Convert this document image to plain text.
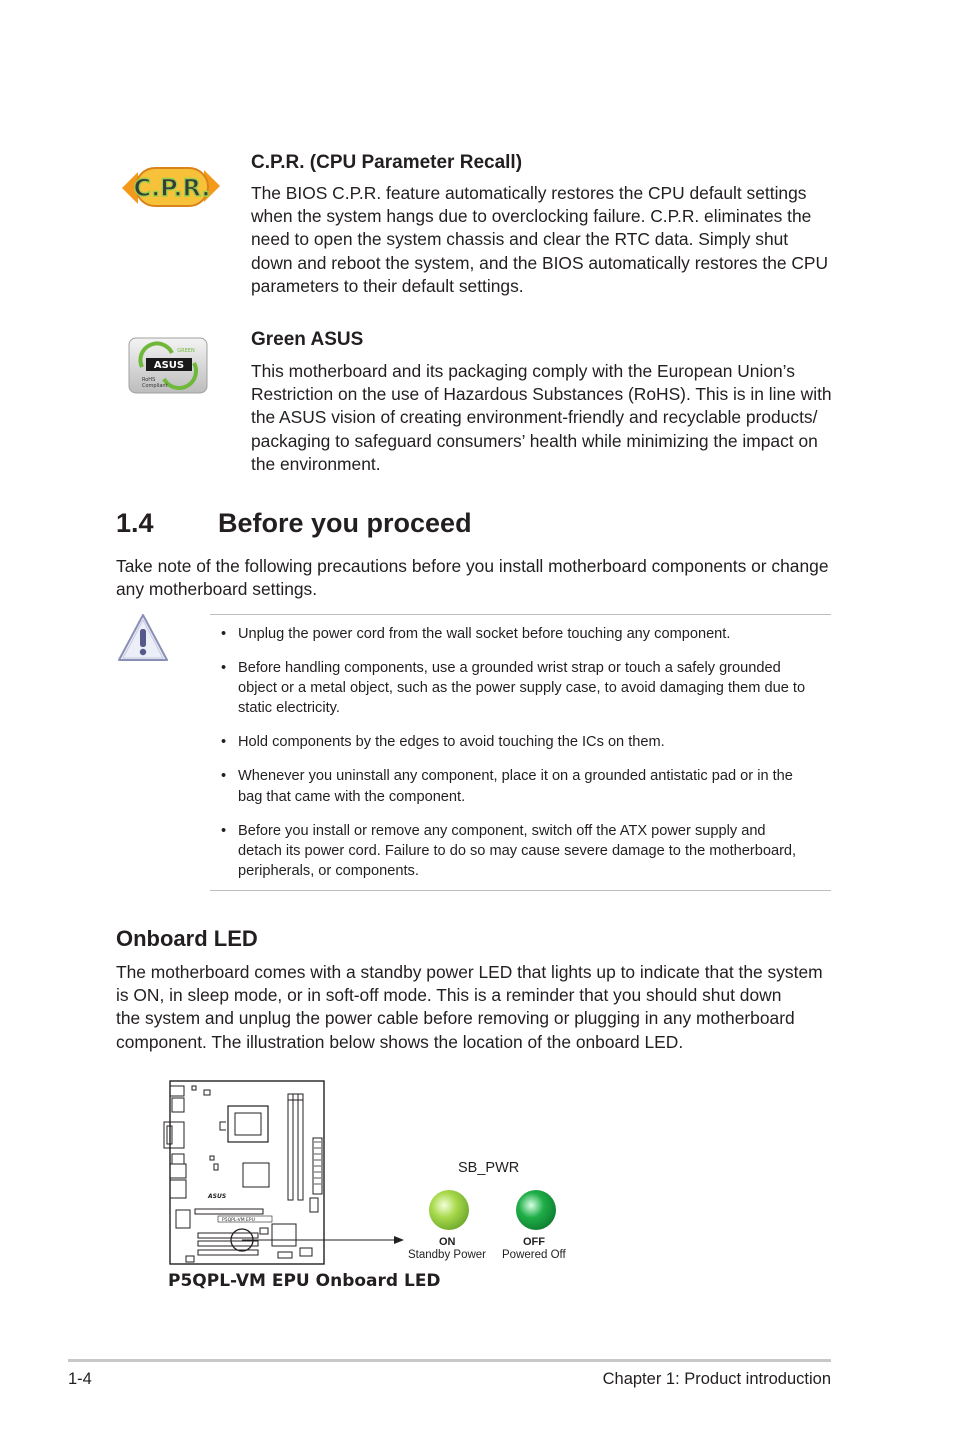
C.P.R.
C.P.R. (CPU Parameter Recall)
The BIOS C.P.R. feature automatically restores the CPU default settings
when the system hangs due to overclocking failure. C.P.R. eliminates the
need to open the system chassis and clear the RTC data. Simply shut
down and reboot the system, and the BIOS automatically restores the CPU
parameters to their default settings.
GREEN
ASUS
RoHS
Compliant
Green ASUS
This motherboard and its packaging comply with the European Union’s
Restriction on the use of Hazardous Substances (RoHS). This is in line with
the ASUS vision of creating environment-friendly and recyclable products/
packaging to safeguard consumers’ health while minimizing the impact on
the environment.
1.4 Before you proceed
Take note of the following precautions before you install motherboard components or change
any motherboard settings.
• Unplug the power cord from the wall socket before touching any component.
• Before handling components, use a grounded wrist strap or touch a safely grounded
object or a metal object, such as the power supply case, to avoid damaging them due to
static electricity.
• Hold components by the edges to avoid touching the ICs on them.
• Whenever you uninstall any component, place it on a grounded antistatic pad or in the
bag that came with the component.
• Before you install or remove any component, switch off the ATX power supply and
detach its power cord. Failure to do so may cause severe damage to the motherboard,
peripherals, or components.
Onboard LED
The motherboard comes with a standby power LED that lights up to indicate that the system
is ON, in sleep mode, or in soft-off mode. This is a reminder that you should shut down
the system and unplug the power cable before removing or plugging in any motherboard
component. The illustration below shows the location of the onboard LED.
ASUS
P5QPL-VM EPU
SB_PWR
ON
Standby Power
OFF
Powered Off
P5QPL-VM EPU Onboard LED
1-4	Chapter 1: Product introduction
